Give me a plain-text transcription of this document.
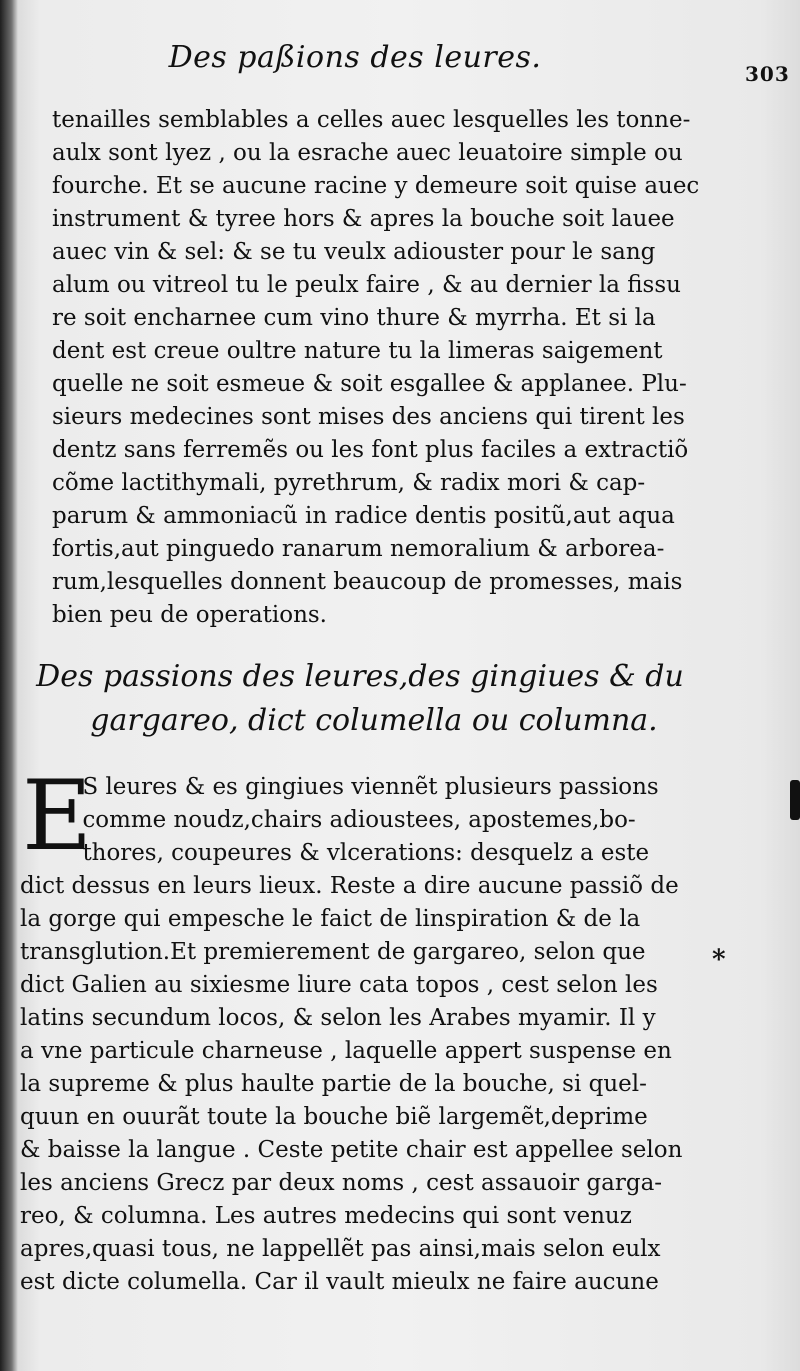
Des paßions des leures.	303
tenailles semblables a celles auec lesquelles les tonne-
aulx sont lyez , ou la esrache auec leuatoire simple ou
fourche. Et se aucune racine y demeure soit quise auec
instrument & tyree hors & apres la bouche soit lauee
auec vin & sel: & se tu veulx adiouster pour le sang
alum ou vitreol tu le peulx faire , & au dernier la fissu
re soit encharnee cum vino thure & myrrha. Et si la
dent est creue oultre nature tu la limeras saigement
quelle ne soit esmeue & soit esgallee & applanee. Plu-
sieurs medecines sont mises des anciens qui tirent les
dentz sans ferremẽs ou les font plus faciles a extractiõ
cõme lactithymali, pyrethrum, & radix mori & cap-
parum & ammoniacũ in radice dentis positũ,aut aqua
fortis,aut pinguedo ranarum nemoralium & arborea-
rum,lesquelles donnent beaucoup de promesses, mais
bien peu de operations.
Des passions des leures,des gingiues & du
gargareo, dict columella ou columna.
E
S leures & es gingiues viennẽt plusieurs passions
comme noudz,chairs adioustees, apostemes,bo-
thores, coupeures & vlcerations: desquelz a este
dict dessus en leurs lieux. Reste a dire aucune passiõ de
la gorge qui empesche le faict de linspiration & de la
transglution.Et premierement de gargareo, selon que
dict Galien au sixiesme liure cata topos , cest selon les
latins secundum locos, & selon les Arabes myamir. Il y
a vne particule charneuse , laquelle appert suspense en
la supreme & plus haulte partie de la bouche, si quel-
quun en ouurãt toute la bouche biẽ largemẽt,deprime
& baisse la langue . Ceste petite chair est appellee selon
les anciens Grecz par deux noms , cest assauoir garga-
reo, & columna. Les autres medecins qui sont venuz
apres,quasi tous, ne lappellẽt pas ainsi,mais selon eulx
est dicte columella. Car il vault mieulx ne faire aucune
*
